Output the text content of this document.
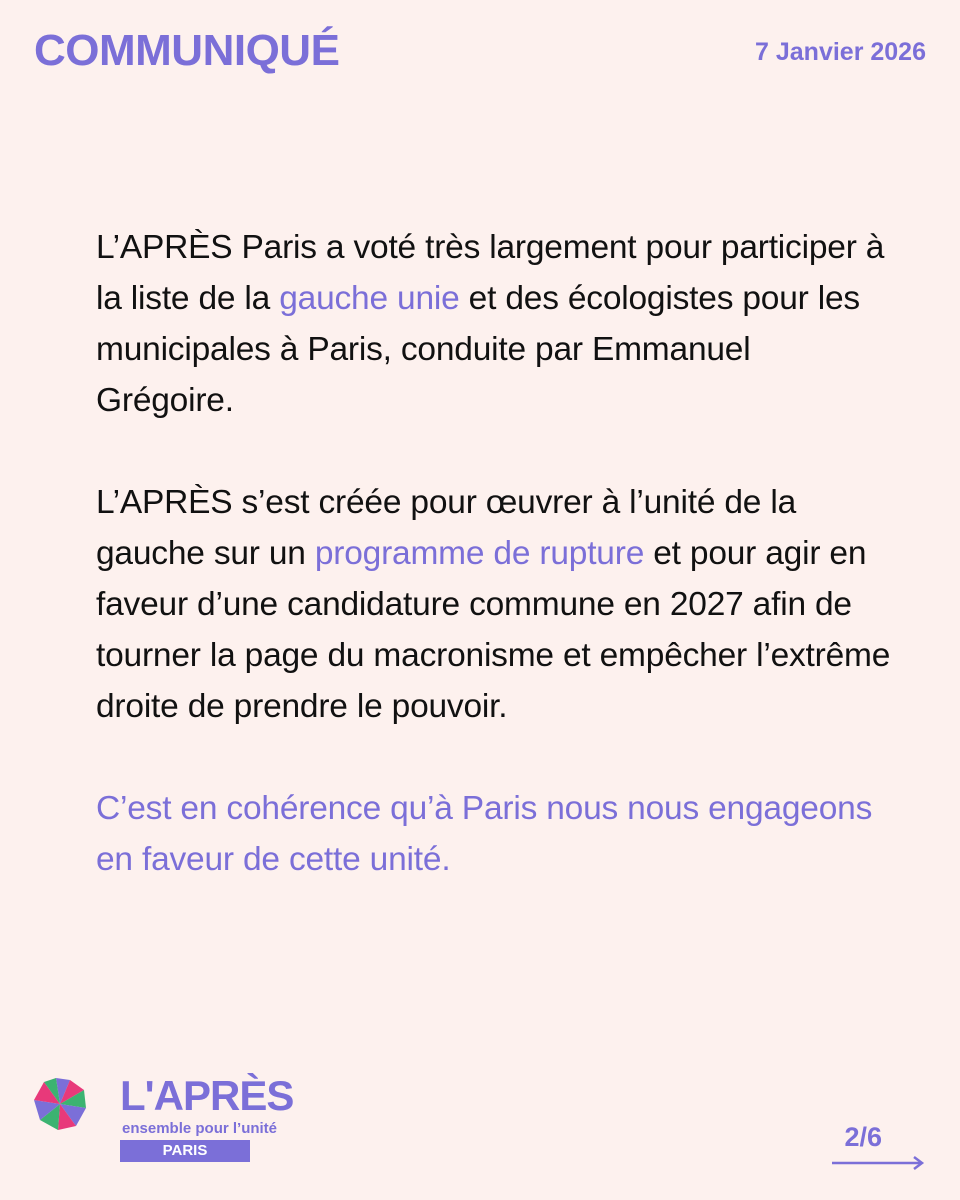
COMMUNIQUÉ	7 Janvier 2026

L’APRÈS Paris a voté très largement pour participer à la liste de la gauche unie et des écologistes pour les municipales à Paris, conduite par Emmanuel Grégoire.

L’APRÈS s’est créée pour œuvrer à l’unité de la gauche sur un programme de rupture et pour agir en faveur d’une candidature commune en 2027 afin de tourner la page du macronisme et empêcher l’extrême droite de prendre le pouvoir.

C’est en cohérence qu’à Paris nous nous engageons en faveur de cette unité.

L'APRÈS
ensemble pour l’unité
PARIS	2/6
